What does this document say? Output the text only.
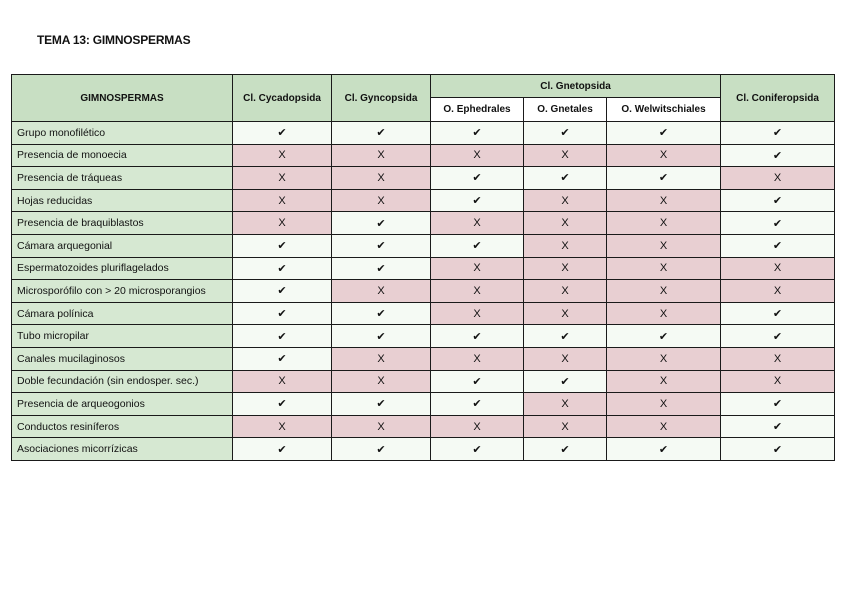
TEMA 13: GIMNOSPERMAS
GIMNOSPERMAS	Cl. Cycadopsida	Cl. Gyncopsida	Cl. Gnetopsida			Cl. Coniferopsida
			O. Ephedrales	O. Gnetales	O. Welwitschiales	
Grupo monofilético	✔	✔	✔	✔	✔	✔
Presencia de monoecia	X	X	X	X	X	✔
Presencia de tráqueas	X	X	✔	✔	✔	X
Hojas reducidas	X	X	✔	X	X	✔
Presencia de braquiblastos	X	✔	X	X	X	✔
Cámara arquegonial	✔	✔	✔	X	X	✔
Espermatozoides pluriflagelados	✔	✔	X	X	X	X
Microsporófilo con > 20 microsporangios	✔	X	X	X	X	X
Cámara polínica	✔	✔	X	X	X	✔
Tubo micropilar	✔	✔	✔	✔	✔	✔
Canales mucilaginosos	✔	X	X	X	X	X
Doble fecundación (sin endosper. sec.)	X	X	✔	✔	X	X
Presencia de arqueogonios	✔	✔	✔	X	X	✔
Conductos resiníferos	X	X	X	X	X	✔
Asociaciones micorrízicas	✔	✔	✔	✔	✔	✔
